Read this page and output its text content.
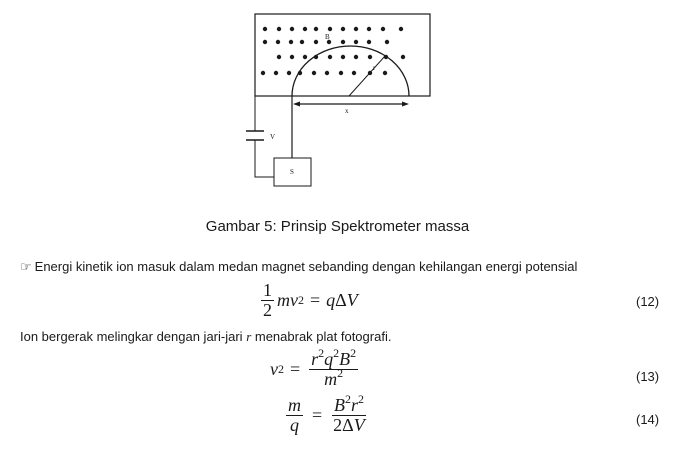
B
r
x
V
S
Gambar 5: Prinsip Spektrometer massa
☞ Energi kinetik ion masuk dalam medan magnet sebanding dengan kehilangan energi potensial
$\frac{1}{2}$ mv 2 = q Δ V	(12)
Ion bergerak melingkar dengan jari-jari r menabrak plat fotografi.
v $2 = \frac{r^2q^2B^2}{m^2}$	(13)
$\frac{m}{q} = \frac{B^2r^2}{2\Delta V}$	(14)
